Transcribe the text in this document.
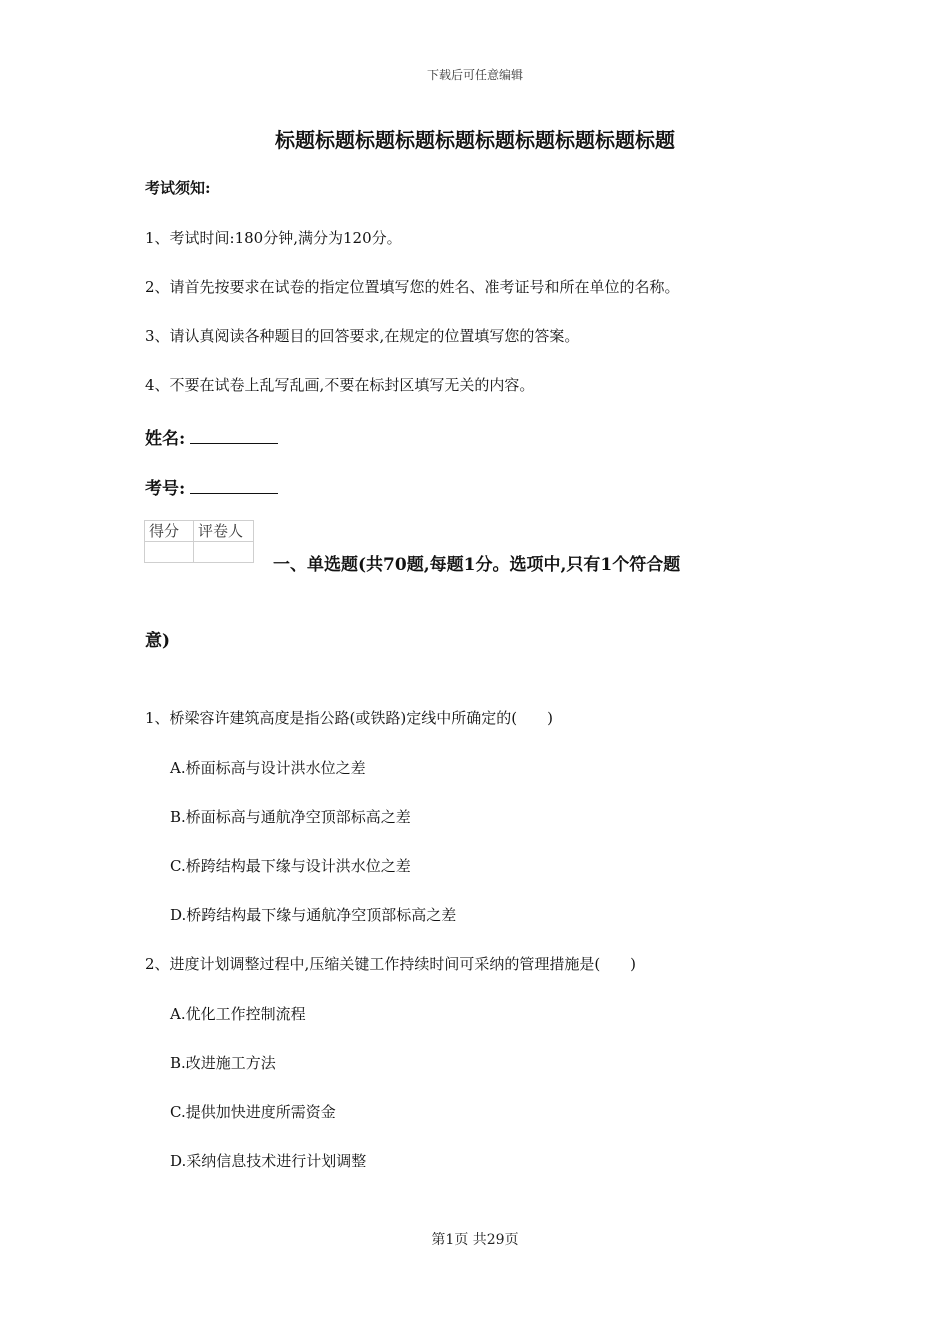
下载后可任意编辑
标题标题标题标题标题标题标题标题标题标题
考试须知:
1、考试时间:180分钟,满分为120分。
2、请首先按要求在试卷的指定位置填写您的姓名、准考证号和所在单位的名称。
3、请认真阅读各种题目的回答要求,在规定的位置填写您的答案。
4、不要在试卷上乱写乱画,不要在标封区填写无关的内容。
姓名:
考号:
得分	评卷人

一、单选题(共70题,每题1分。选项中,只有1个符合题
意)
1、桥梁容许建筑高度是指公路(或铁路)定线中所确定的(　　)
A.桥面标高与设计洪水位之差
B.桥面标高与通航净空顶部标高之差
C.桥跨结构最下缘与设计洪水位之差
D.桥跨结构最下缘与通航净空顶部标高之差
2、进度计划调整过程中,压缩关键工作持续时间可采纳的管理措施是(　　)
A.优化工作控制流程
B.改进施工方法
C.提供加快进度所需资金
D.采纳信息技术进行计划调整
第1页 共29页
